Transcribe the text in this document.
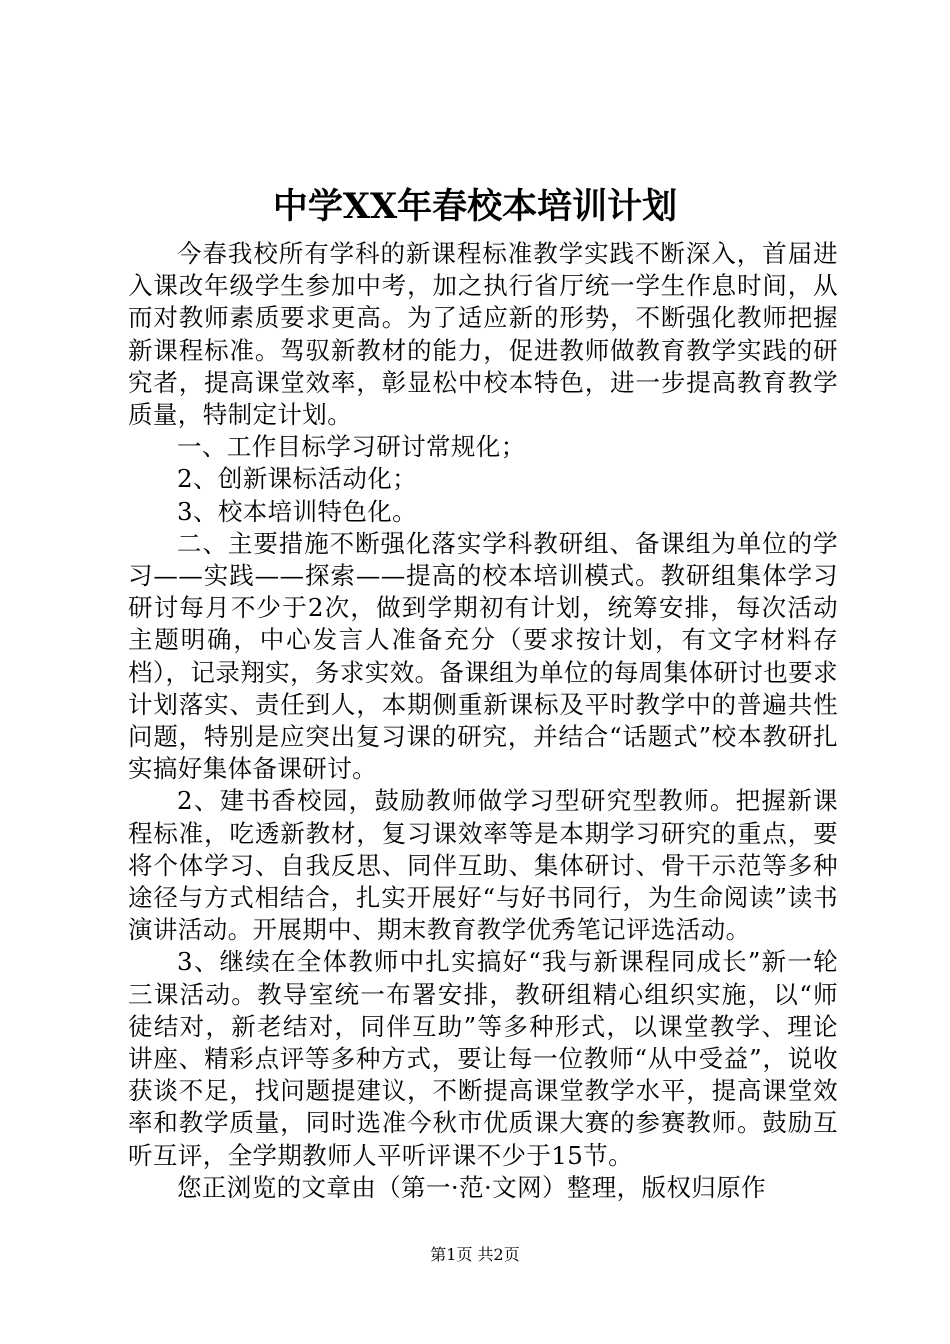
中学XX年春校本培训计划

今春我校所有学科的新课程标准教学实践不断深入，首届进入课改年级学生参加中考，加之执行省厅统一学生作息时间，从而对教师素质要求更高。为了适应新的形势，不断强化教师把握新课程标准。驾驭新教材的能力，促进教师做教育教学实践的研究者，提高课堂效率，彰显松中校本特色，进一步提高教育教学质量，特制定计划。

一、工作目标学习研讨常规化；

2、创新课标活动化；

3、校本培训特色化。

二、主要措施不断强化落实学科教研组、备课组为单位的学习——实践——探索——提高的校本培训模式。教研组集体学习研讨每月不少于2次，做到学期初有计划，统筹安排，每次活动主题明确，中心发言人准备充分（要求按计划，有文字材料存档），记录翔实，务求实效。备课组为单位的每周集体研讨也要求计划落实、责任到人，本期侧重新课标及平时教学中的普遍共性问题，特别是应突出复习课的研究，并结合“话题式”校本教研扎实搞好集体备课研讨。

2、建书香校园，鼓励教师做学习型研究型教师。把握新课程标准，吃透新教材，复习课效率等是本期学习研究的重点，要将个体学习、自我反思、同伴互助、集体研讨、骨干示范等多种途径与方式相结合，扎实开展好“与好书同行，为生命阅读”读书演讲活动。开展期中、期末教育教学优秀笔记评选活动。

3、继续在全体教师中扎实搞好“我与新课程同成长”新一轮三课活动。教导室统一布署安排，教研组精心组织实施，以“师徒结对，新老结对，同伴互助”等多种形式，以课堂教学、理论讲座、精彩点评等多种方式，要让每一位教师“从中受益”，说收获谈不足，找问题提建议，不断提高课堂教学水平，提高课堂效率和教学质量，同时选准今秋市优质课大赛的参赛教师。鼓励互听互评，全学期教师人平听评课不少于15节。

您正浏览的文章由（第一·范·文网）整理，版权归原作

第1页 共2页
